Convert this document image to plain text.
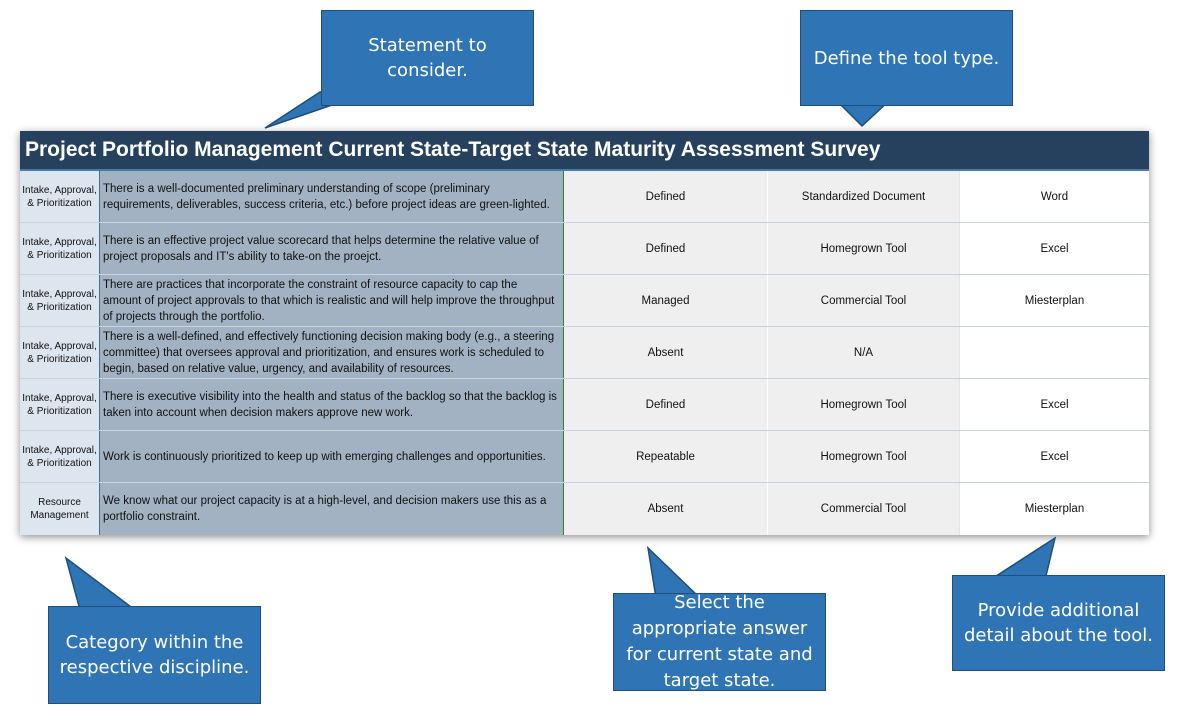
Statement to
consider.
Define the tool type.
Category within the
respective discipline.
Select the
appropriate answer
for current state and
target state.
Provide additional
detail about the tool.
Project Portfolio Management Current State-Target State Maturity Assessment Survey
Intake, Approval, & Prioritization
There is a well-documented preliminary understanding of scope (preliminary requirements, deliverables, success criteria, etc.) before project ideas are green-lighted.
Defined	Standardized Document	Word
Intake, Approval, & Prioritization
There is an effective project value scorecard that helps determine the relative value of project proposals and IT's ability to take-on the proejct.
Defined	Homegrown Tool	Excel
Intake, Approval, & Prioritization
There are practices that incorporate the constraint of resource capacity to cap the amount of project approvals to that which is realistic and will help improve the throughput of projects through the portfolio.
Managed	Commercial Tool	Miesterplan
Intake, Approval, & Prioritization
There is a well-defined, and effectively functioning decision making body (e.g., a steering committee) that oversees approval and prioritization, and ensures work is scheduled to begin, based on relative value, urgency, and availability of resources.
Absent	N/A
Intake, Approval, & Prioritization
There is executive visibility into the health and status of the backlog so that the backlog is taken into account when decision makers approve new work.
Defined	Homegrown Tool	Excel
Intake, Approval, & Prioritization
Work is continuously prioritized to keep up with emerging challenges and opportunities.	Repeatable	Homegrown Tool	Excel
Resource Management
We know what our project capacity is at a high-level, and decision makers use this as a portfolio constraint.
Absent	Commercial Tool	Miesterplan
